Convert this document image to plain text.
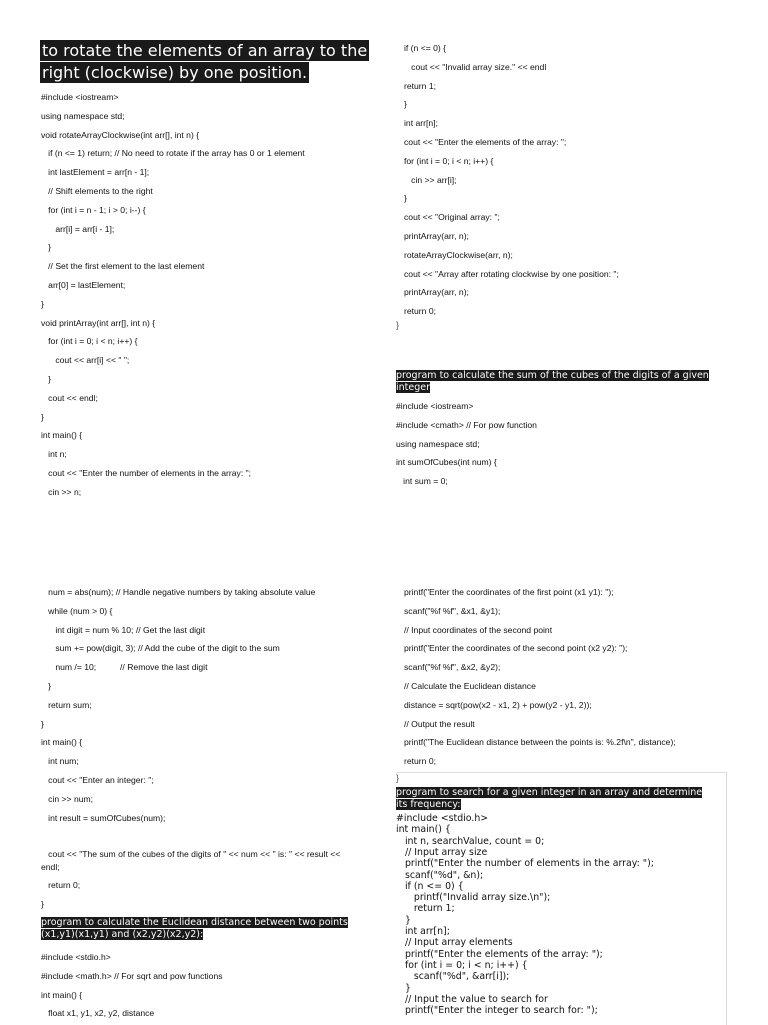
to rotate the elements of an array to the right (clockwise) by one position.
#include <iostream>
using namespace std;
void rotateArrayClockwise(int arr[], int n) {
if (n <= 1) return; // No need to rotate if the array has 0 or 1 element
int lastElement = arr[n - 1];
// Shift elements to the right
for (int i = n - 1; i > 0; i--) {
arr[i] = arr[i - 1];
}
// Set the first element to the last element
arr[0] = lastElement;
}
void printArray(int arr[], int n) {
for (int i = 0; i < n; i++) {
cout << arr[i] << " ";
}
cout << endl;
}
int main() {
int n;
cout << "Enter the number of elements in the array: ";
cin >> n;
if (n <= 0) {
cout << "Invalid array size." << endl
return 1;
}
int arr[n];
cout << "Enter the elements of the array: ";
for (int i = 0; i < n; i++) {
cin >> arr[i];
}
cout << "Original array: ";
printArray(arr, n);
rotateArrayClockwise(arr, n);
cout << "Array after rotating clockwise by one position: ";
printArray(arr, n);
return 0;
}
program to calculate the sum of the cubes of the digits of a given integer
#include <iostream>
#include <cmath> // For pow function
using namespace std;
int sumOfCubes(int num) {
int sum = 0;
num = abs(num); // Handle negative numbers by taking absolute value
while (num > 0) {
int digit = num % 10; // Get the last digit
sum += pow(digit, 3); // Add the cube of the digit to the sum
num /= 10;          // Remove the last digit
}
return sum;
}
int main() {
int num;
cout << "Enter an integer: ";
cin >> num;
int result = sumOfCubes(num);
cout << "The sum of the cubes of the digits of " << num << " is: " << result <<
endl;
return 0;
}
program to calculate the Euclidean distance between two points (x1,y1)(x1,y1) and (x2,y2)(x2,y2):
#include <stdio.h>
#include <math.h> // For sqrt and pow functions
int main() {
float x1, y1, x2, y2, distance
printf("Enter the coordinates of the first point (x1 y1): ");
scanf("%f %f", &x1, &y1);
// Input coordinates of the second point
printf("Enter the coordinates of the second point (x2 y2): ");
scanf("%f %f", &x2, &y2);
// Calculate the Euclidean distance
distance = sqrt(pow(x2 - x1, 2) + pow(y2 - y1, 2));
// Output the result
printf("The Euclidean distance between the points is: %.2f\n", distance);
return 0;
}
program to search for a given integer in an array and determine its frequency:
#include <stdio.h>
int main() {
int n, searchValue, count = 0;
// Input array size
printf("Enter the number of elements in the array: ");
scanf("%d", &n);
if (n <= 0) {
printf("Invalid array size.\n");
return 1;
}
int arr[n];
// Input array elements
printf("Enter the elements of the array: ");
for (int i = 0; i < n; i++) {
scanf("%d", &arr[i]);
}
// Input the value to search for
printf("Enter the integer to search for: ");
